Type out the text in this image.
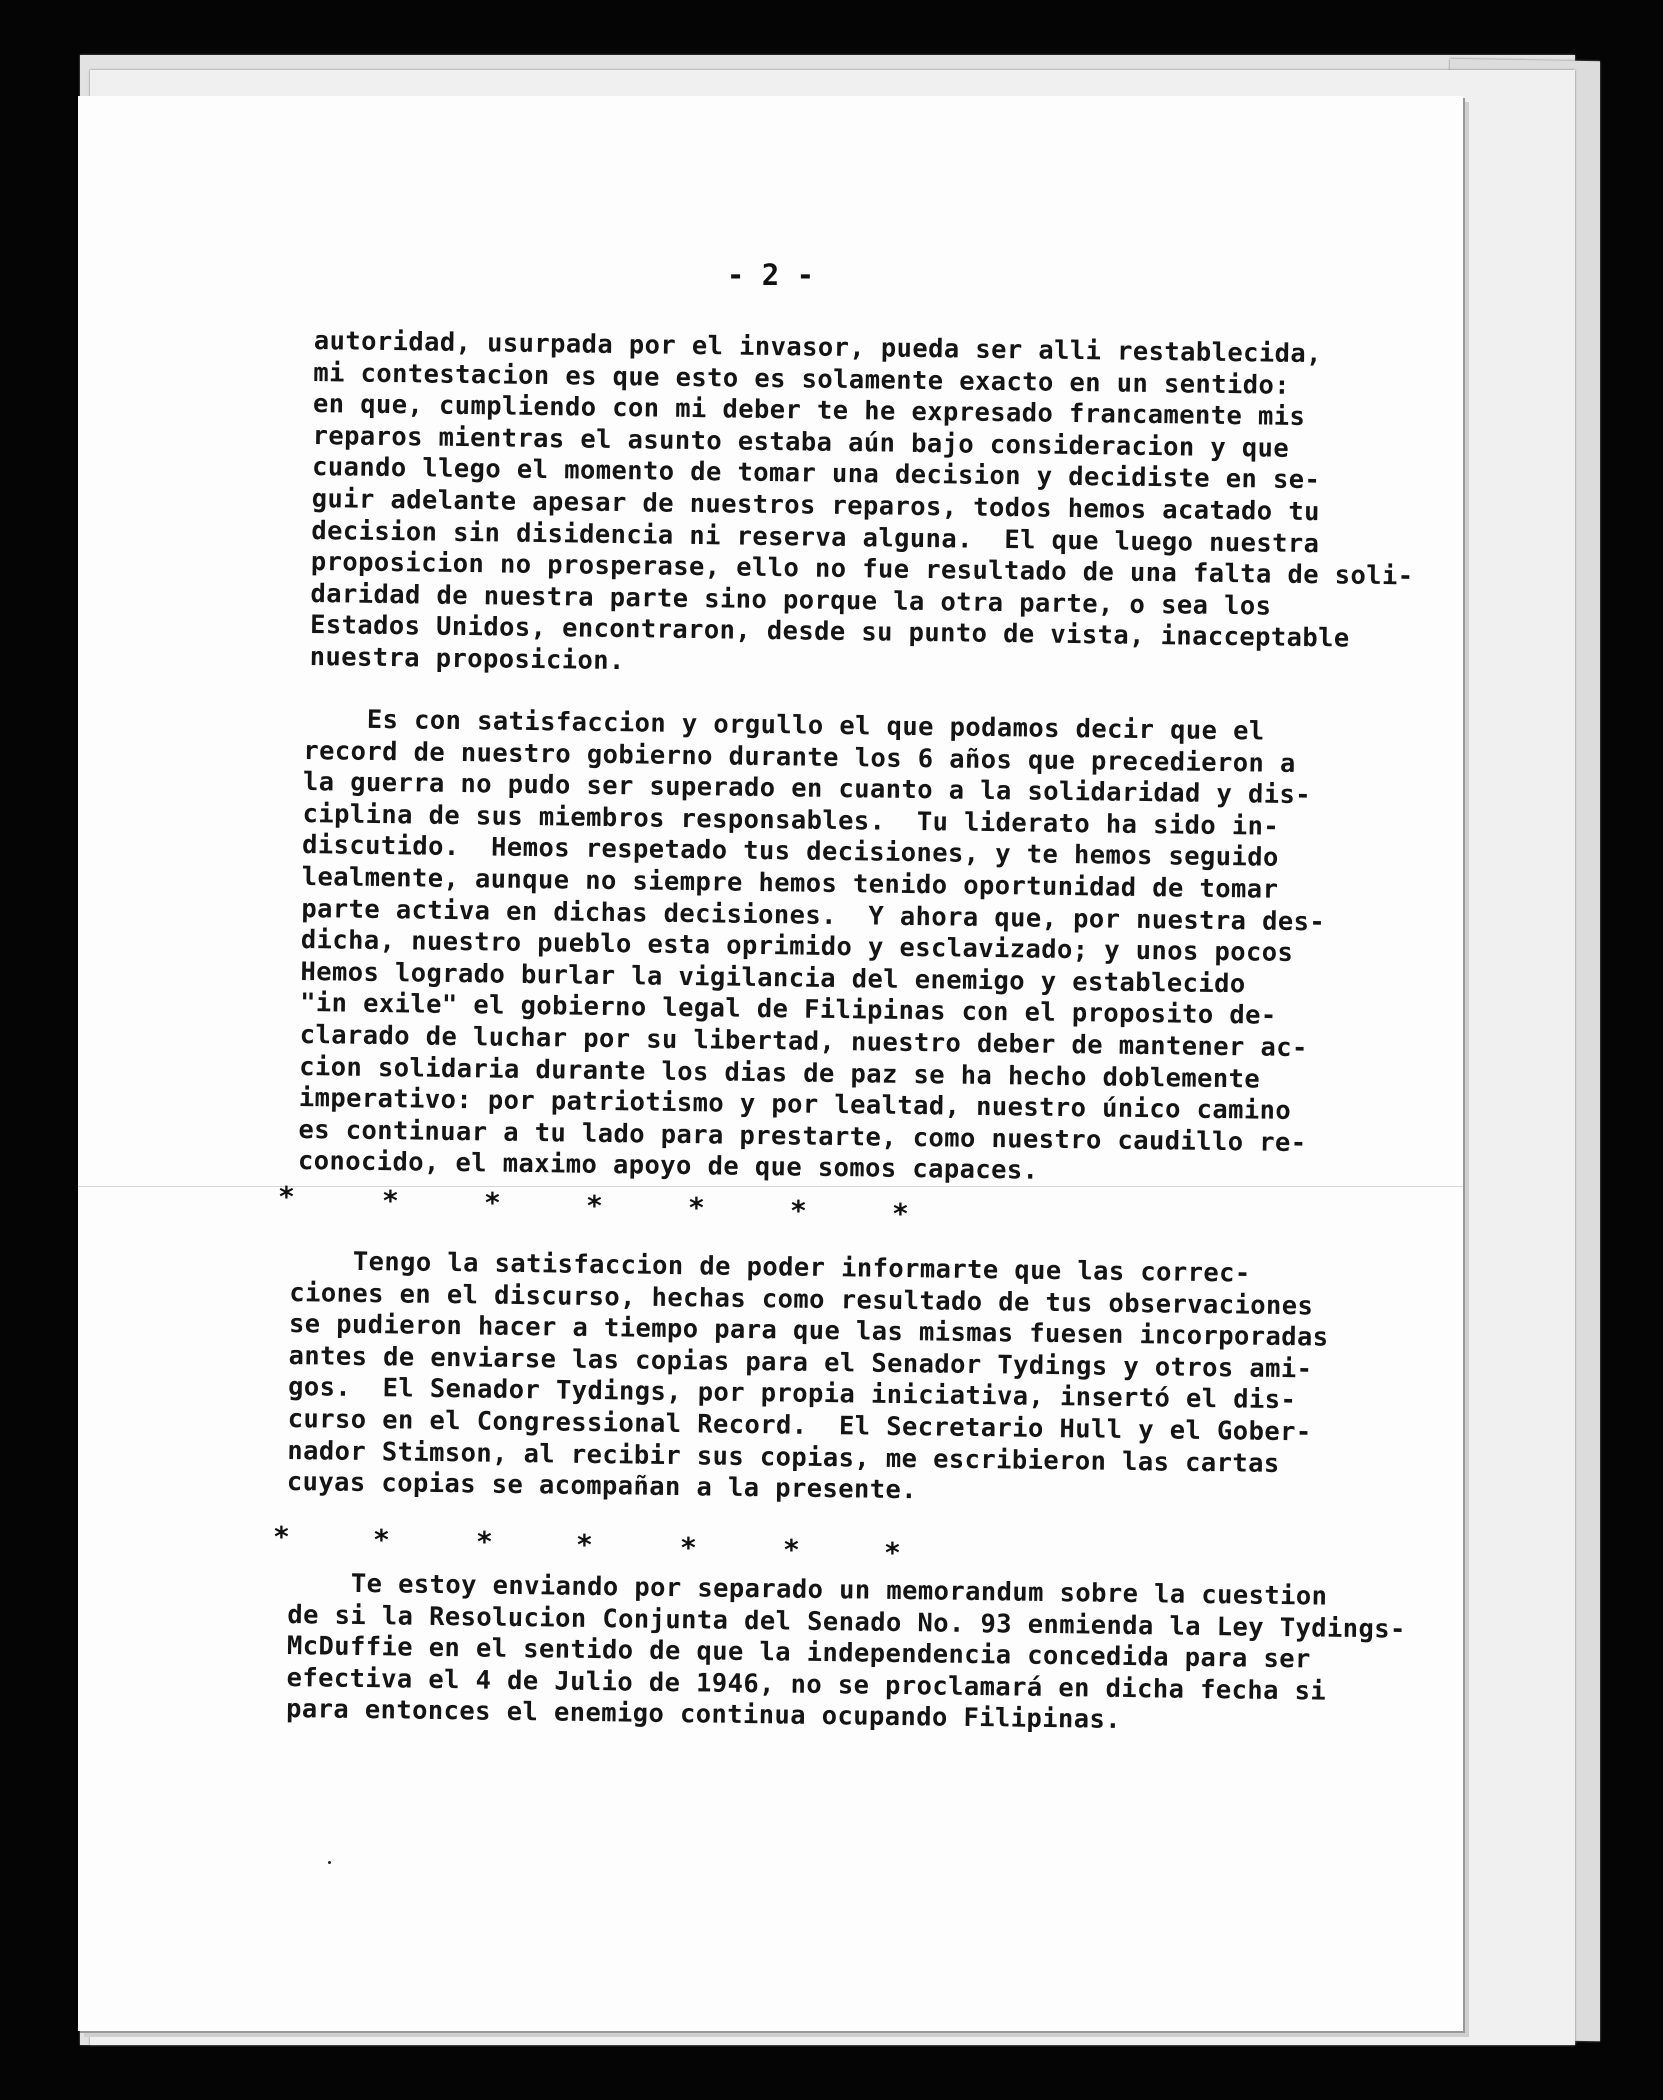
- 2 -

autoridad, usurpada por el invasor, pueda ser alli restablecida,
mi contestacion es que esto es solamente exacto en un sentido:
en que, cumpliendo con mi deber te he expresado francamente mis
reparos mientras el asunto estaba aún bajo consideracion y que
cuando llego el momento de tomar una decision y decidiste en se-
guir adelante apesar de nuestros reparos, todos hemos acatado tu
decision sin disidencia ni reserva alguna.  El que luego nuestra
proposicion no prosperase, ello no fue resultado de una falta de soli-
daridad de nuestra parte sino porque la otra parte, o sea los
Estados Unidos, encontraron, desde su punto de vista, inacceptable
nuestra proposicion.

Es con satisfaccion y orgullo el que podamos decir que el
record de nuestro gobierno durante los 6 años que precedieron a
la guerra no pudo ser superado en cuanto a la solidaridad y dis-
ciplina de sus miembros responsables.  Tu liderato ha sido in-
discutido.  Hemos respetado tus decisiones, y te hemos seguido
lealmente, aunque no siempre hemos tenido oportunidad de tomar
parte activa en dichas decisiones.  Y ahora que, por nuestra des-
dicha, nuestro pueblo esta oprimido y esclavizado; y unos pocos
Hemos logrado burlar la vigilancia del enemigo y establecido
"in exile" el gobierno legal de Filipinas con el proposito de-
clarado de luchar por su libertad, nuestro deber de mantener ac-
cion solidaria durante los dias de paz se ha hecho doblemente
imperativo: por patriotismo y por lealtad, nuestro único camino
es continuar a tu lado para prestarte, como nuestro caudillo re-
conocido, el maximo apoyo de que somos capaces.

*	*	*	*	*	*	*

Tengo la satisfaccion de poder informarte que las correc-
ciones en el discurso, hechas como resultado de tus observaciones
se pudieron hacer a tiempo para que las mismas fuesen incorporadas
antes de enviarse las copias para el Senador Tydings y otros ami-
gos.  El Senador Tydings, por propia iniciativa, insertó el dis-
curso en el Congressional Record.  El Secretario Hull y el Gober-
nador Stimson, al recibir sus copias, me escribieron las cartas
cuyas copias se acompañan a la presente.

*	*	*	*	*	*	*

Te estoy enviando por separado un memorandum sobre la cuestion
de si la Resolucion Conjunta del Senado No. 93 enmienda la Ley Tydings-
McDuffie en el sentido de que la independencia concedida para ser
efectiva el 4 de Julio de 1946, no se proclamará en dicha fecha si
para entonces el enemigo continua ocupando Filipinas.
